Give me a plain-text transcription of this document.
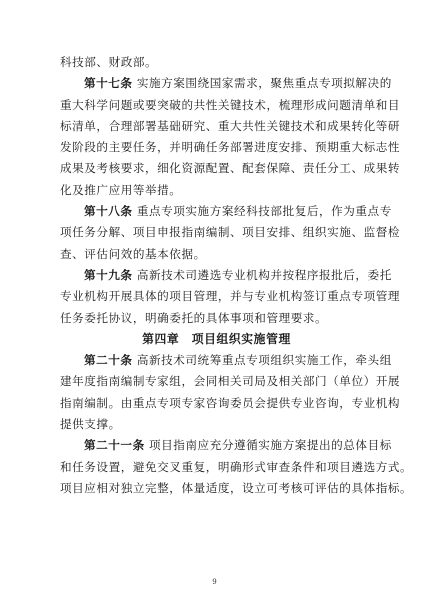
科技部、财政部。
第十七条 实施方案围绕国家需求，聚焦重点专项拟解决的
重大科学问题或要突破的共性关键技术，梳理形成问题清单和目
标清单，合理部署基础研究、重大共性关键技术和成果转化等研
发阶段的主要任务，并明确任务部署进度安排、预期重大标志性
成果及考核要求，细化资源配置、配套保障、责任分工、成果转
化及推广应用等举措。
第十八条 重点专项实施方案经科技部批复后，作为重点专
项任务分解、项目申报指南编制、项目安排、组织实施、监督检
查、评估问效的基本依据。
第十九条 高新技术司遴选专业机构并按程序报批后，委托
专业机构开展具体的项目管理，并与专业机构签订重点专项管理
任务委托协议，明确委托的具体事项和管理要求。
第四章　项目组织实施管理
第二十条 高新技术司统筹重点专项组织实施工作，牵头组
建年度指南编制专家组，会同相关司局及相关部门（单位）开展
指南编制。由重点专项专家咨询委员会提供专业咨询，专业机构
提供支撑。
第二十一条 项目指南应充分遵循实施方案提出的总体目标
和任务设置，避免交叉重复，明确形式审查条件和项目遴选方式。
项目应相对独立完整，体量适度，设立可考核可评估的具体指标。
9
